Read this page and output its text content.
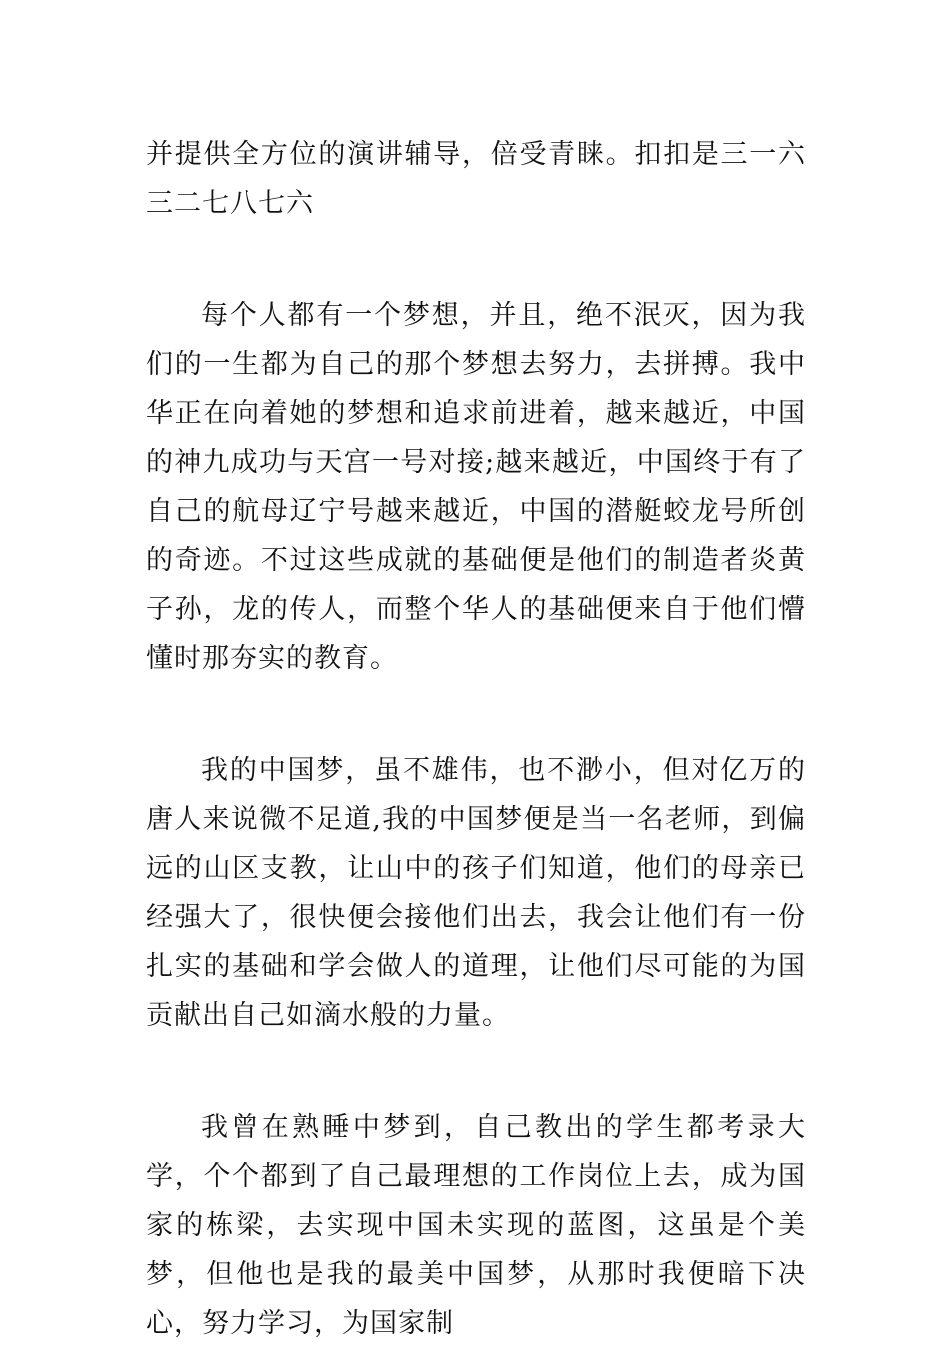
并提供全方位的演讲辅导，倍受青睐。扣扣是三一六三二七八七六

每个人都有一个梦想，并且，绝不泯灭，因为我们的一生都为自己的那个梦想去努力，去拼搏。我中华正在向着她的梦想和追求前进着，越来越近，中国的神九成功与天宫一号对接;越来越近，中国终于有了自己的航母辽宁号越来越近，中国的潜艇蛟龙号所创的奇迹。不过这些成就的基础便是他们的制造者炎黄子孙，龙的传人，而整个华人的基础便来自于他们懵懂时那夯实的教育。

我的中国梦，虽不雄伟，也不渺小，但对亿万的唐人来说微不足道,我的中国梦便是当一名老师，到偏远的山区支教，让山中的孩子们知道，他们的母亲已经强大了，很快便会接他们出去，我会让他们有一份扎实的基础和学会做人的道理，让他们尽可能的为国贡献出自己如滴水般的力量。

我曾在熟睡中梦到，自己教出的学生都考录大学，个个都到了自己最理想的工作岗位上去，成为国家的栋梁，去实现中国未实现的蓝图，这虽是个美梦，但他也是我的最美中国梦，从那时我便暗下决心，努力学习，为国家制
